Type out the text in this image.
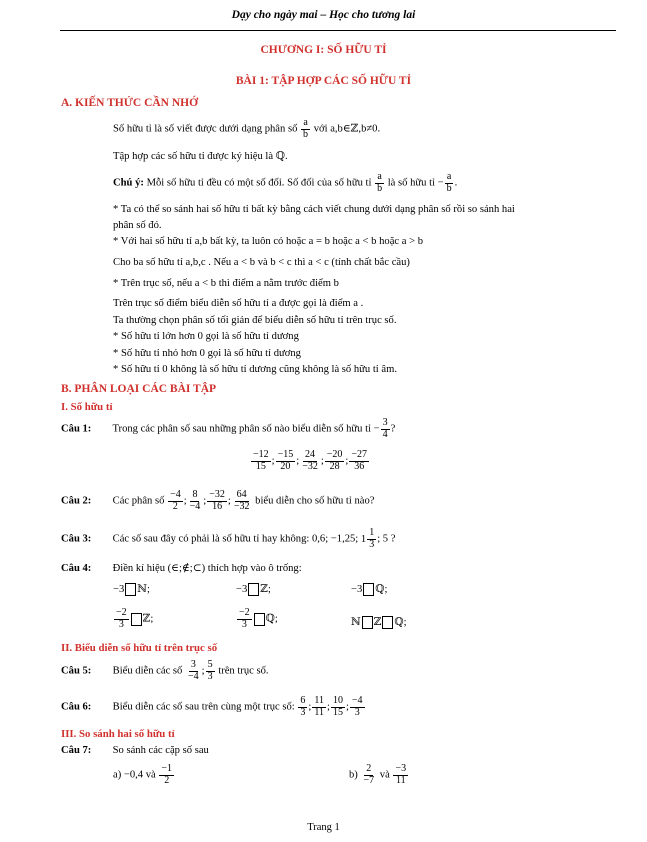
Dạy cho ngày mai – Học cho tương lai
CHƯƠNG I: SỐ HỮU TỈ
BÀI 1: TẬP HỢP CÁC SỐ HỮU TỈ
A. KIẾN THỨC CẦN NHỚ
Số hữu tỉ là số viết được dưới dạng phân số $\frac{a}{b}$ với a,b∈ℤ,b≠0.
Tập hợp các số hữu tỉ được ký hiệu là ℚ.
Chú ý: Mỗi số hữu tỉ đều có một số đối. Số đối của số hữu tỉ $\frac{a}{b}$ là số hữu tỉ − $\frac{a}{b}$ .
* Ta có thể so sánh hai số hữu tỉ bất kỳ bằng cách viết chung dưới dạng phân số rồi so sánh hai
phân số đó.
* Với hai số hữu tỉ a,b bất kỳ, ta luôn có hoặc a = b hoặc a < b hoặc a > b
Cho ba số hữu tỉ a,b,c . Nếu a < b và b < c thì a < c (tính chất bắc cầu)
* Trên trục số, nếu a < b thì điểm a nằm trước điểm b
Trên trục số điểm biểu diễn số hữu tỉ a được gọi là điểm a .
Ta thường chọn phân số tối giản để biểu diễn số hữu tỉ trên trục số.
* Số hữu tỉ lớn hơn 0 gọi là số hữu tỉ dương
* Số hữu tỉ nhỏ hơn 0 gọi là số hữu tỉ dương
* Số hữu tỉ 0 không là số hữu tỉ dương cũng không là số hữu tỉ âm.
B. PHÂN LOẠI CÁC BÀI TẬP
I. Số hữu tỉ
Câu 1: Trong các phân số sau những phân số nào biểu diễn số hữu tỉ − $\frac{3}{4}$ ?
$\frac{-12}{15}$ ; $\frac{-15}{20}$ ; $\frac{24}{-32}$ ; $\frac{-20}{28}$ ; $\frac{-27}{36}$
Câu 2: Các phân số $\frac{-4}{2}$ ; $\frac{8}{-4}$ ; $\frac{-32}{16}$ ; $\frac{64}{-32}$ biểu diễn cho số hữu tỉ nào?
Câu 3: Các số sau đây có phải là số hữu tỉ hay không: 0,6; −1,25; $1 \frac{1}{3}$ ; 5 ?
Câu 4: Điền kí hiệu (∈;∉;⊂) thích hợp vào ô trống:
−3 ℕ;	−3 ℤ;	−3 ℚ;
$\frac{-2}{3}$ ℤ;	$\frac{-2}{3}$ ℚ;	ℕ ℤ ℚ;
II. Biểu diễn số hữu tỉ trên trục số
Câu 5: Biểu diễn các số $\frac{3}{-4}$ ; $\frac{5}{3}$ trên trục số.
Câu 6: Biểu diễn các số sau trên cùng một trục số: $\frac{6}{3}$ ; $\frac{11}{11}$ ; $\frac{10}{15}$ ; $\frac{-4}{3}$
III. So sánh hai số hữu tỉ
Câu 7: So sánh các cặp số sau
a) −0,4 và $\frac{-1}{2}$	$b) \frac{2}{-7}$ và $\frac{-3}{11}$
Trang 1
